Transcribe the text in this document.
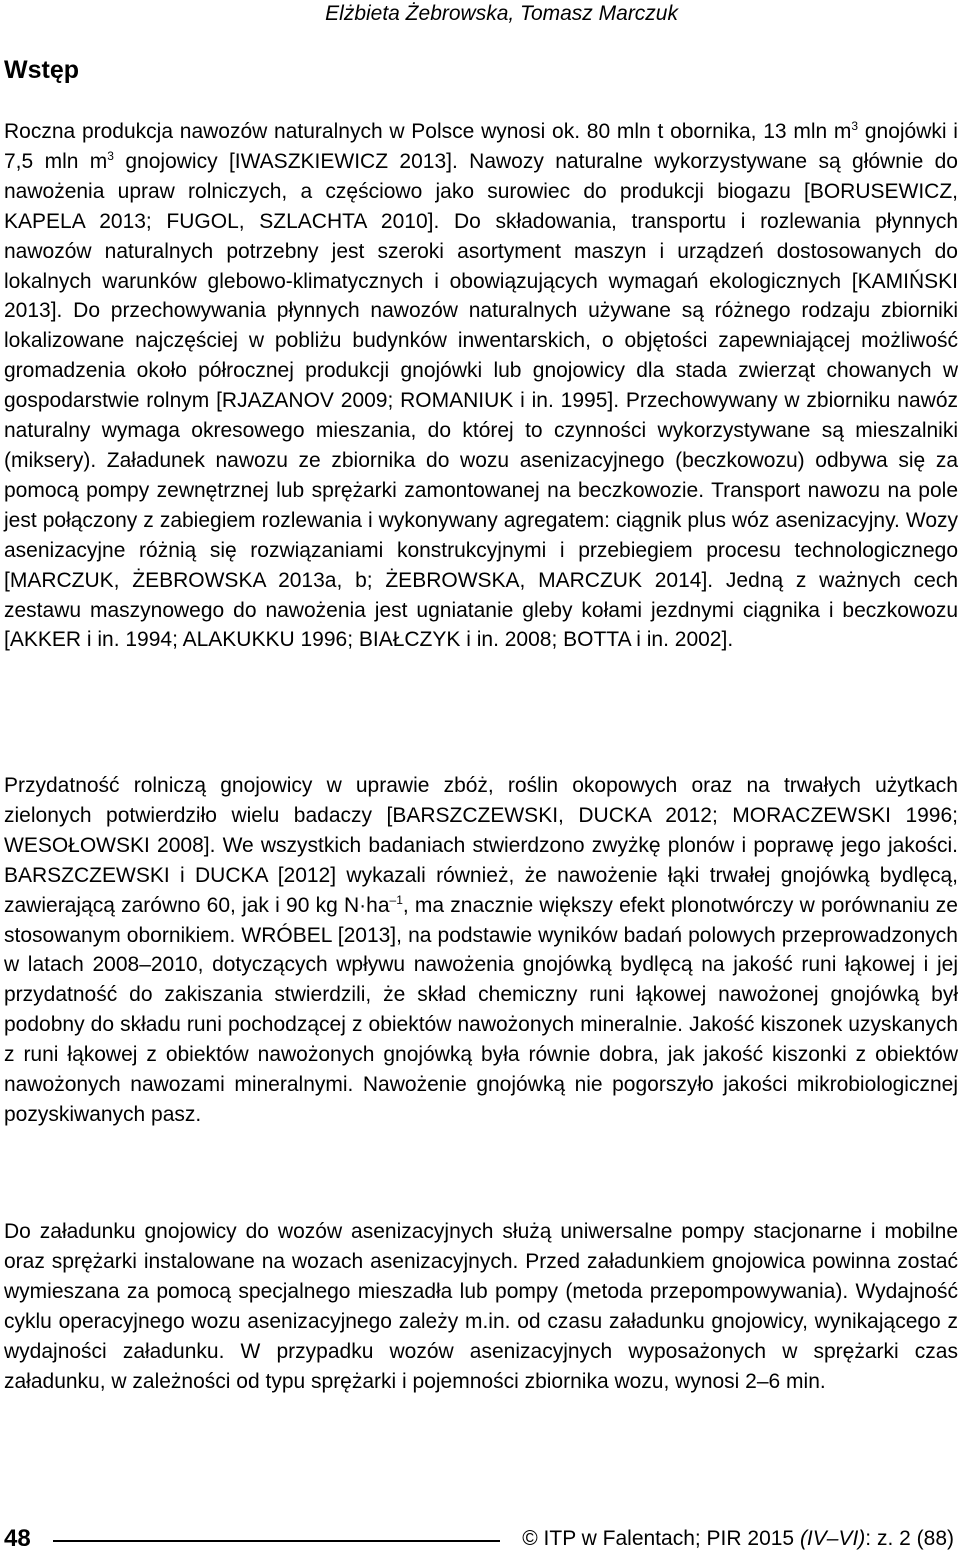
Elżbieta Żebrowska, Tomasz Marczuk
Wstęp

Roczna produkcja nawozów naturalnych w Polsce wynosi ok. 80 mln t obornika, 13 mln $m^3$ gnojówki i 7,5 mln $m^3$ gnojowicy [IWASZKIEWICZ 2013]. Nawozy naturalne wykorzystywane są głównie do nawożenia upraw rolniczych, a częściowo jako surowiec do produkcji biogazu [BORUSEWICZ, KAPELA 2013; FUGOL, SZLACHTA 2010]. Do składowania, transportu i rozlewania płynnych nawozów naturalnych potrzebny jest szeroki asortyment maszyn i urządzeń dostosowanych do lokalnych warunków glebowo-klimatycznych i obowiązujących wymagań ekologicznych [KAMIŃSKI 2013]. Do przechowywania płynnych nawozów naturalnych używane są różnego rodzaju zbiorniki lokalizowane najczęściej w pobliżu budynków inwentarskich, o objętości zapewniającej możliwość gromadzenia około półrocznej produkcji gnojówki lub gnojowicy dla stada zwierząt chowanych w gospodarstwie rolnym [RJAZANOV 2009; ROMANIUK i in. 1995]. Przechowywany w zbiorniku nawóz naturalny wymaga okresowego mieszania, do której to czynności wykorzystywane są mieszalniki (miksery). Załadunek nawozu ze zbiornika do wozu asenizacyjnego (beczkowozu) odbywa się za pomocą pompy zewnętrznej lub sprężarki zamontowanej na beczkowozie. Transport nawozu na pole jest połączony z zabiegiem rozlewania i wykonywany agregatem: ciągnik plus wóz asenizacyjny. Wozy asenizacyjne różnią się rozwiązaniami konstrukcyjnymi i przebiegiem procesu technologicznego [MARCZUK, ŻEBROWSKA 2013a, b; ŻEBROWSKA, MARCZUK 2014]. Jedną z ważnych cech zestawu maszynowego do nawożenia jest ugniatanie gleby kołami jezdnymi ciągnika i beczkowozu [AKKER i in. 1994; ALAKUKKU 1996; BIAŁCZYK i in. 2008; BOTTA i in. 2002].

Przydatność rolniczą gnojowicy w uprawie zbóż, roślin okopowych oraz na trwałych użytkach zielonych potwierdziło wielu badaczy [BARSZCZEWSKI, DUCKA 2012; MORACZEWSKI 1996; WESOŁOWSKI 2008]. We wszystkich badaniach stwierdzono zwyżkę plonów i poprawę jego jakości. BARSZCZEWSKI i DUCKA [2012] wykazali również, że nawożenie łąki trwałej gnojówką bydlęcą, zawierającą zarówno 60, jak i 90 kg $N\cdot ha^{-1}$, ma znacznie większy efekt plonotwórczy w porównaniu ze stosowanym obornikiem. WRÓBEL [2013], na podstawie wyników badań polowych przeprowadzonych w latach 2008–2010, dotyczących wpływu nawożenia gnojówką bydlęcą na jakość runi łąkowej i jej przydatność do zakiszania stwierdzili, że skład chemiczny runi łąkowej nawożonej gnojówką był podobny do składu runi pochodzącej z obiektów nawożonych mineralnie. Jakość kiszonek uzyskanych z runi łąkowej z obiektów nawożonych gnojówką była równie dobra, jak jakość kiszonki z obiektów nawożonych nawozami mineralnymi. Nawożenie gnojówką nie pogorszyło jakości mikrobiologicznej pozyskiwanych pasz.

Do załadunku gnojowicy do wozów asenizacyjnych służą uniwersalne pompy stacjonarne i mobilne oraz sprężarki instalowane na wozach asenizacyjnych. Przed załadunkiem gnojowica powinna zostać wymieszana za pomocą specjalnego mieszadła lub pompy (metoda przepompowywania). Wydajność cyklu operacyjnego wozu asenizacyjnego zależy m.in. od czasu załadunku gnojowicy, wynikającego z wydajności załadunku. W przypadku wozów asenizacyjnych wyposażonych w sprężarki czas załadunku, w zależności od typu sprężarki i pojemności zbiornika wozu, wynosi 2–6 min.

48	© ITP w Falentach; PIR 2015 (IV–VI): z. 2 (88)
